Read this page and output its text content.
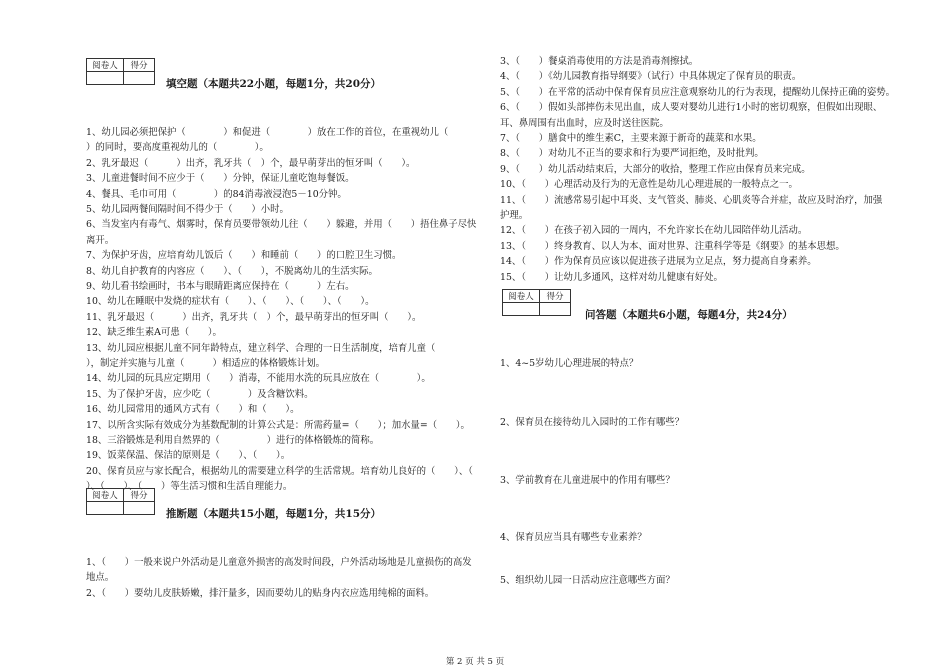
阅卷人	得分

填空题（本题共22小题，每题1分，共20分）
1、幼儿园必须把保护（　　　　）和促进（　　　　）放在工作的首位，在重视幼儿（
）的同时，要高度重视幼儿的（　　　　）。
2、乳牙最迟（　　　）出齐，乳牙共（　）个，最早萌芽出的恒牙叫（　　）。
3、儿童进餐时间不应少于（　　）分钟，保证儿童吃饱每餐饭。
4、餐具、毛巾可用（　　　　）的84消毒液浸泡5－10分钟。
5、幼儿园两餐间隔时间不得少于（　　）小时。
6、当发室内有毒气、烟雾时，保育员要带领幼儿往（　　）躲避，并用（　　）捂住鼻子尽快
离开。
7、为保护牙齿，应培育幼儿饭后（　　）和睡前（　　）的口腔卫生习惯。
8、幼儿自护教育的内容应（　　）、（　　），不脱离幼儿的生活实际。
9、幼儿看书绘画时，书本与眼睛距离应保持在（　　　）左右。
10、幼儿在睡眠中发烧的症状有（　　）、（　　）、（　　）、（　　）。
11、乳牙最迟（　　　）出齐，乳牙共（　）个，最早萌芽出的恒牙叫（　　）。
12、缺乏维生素A可患（　　）。
13、幼儿园应根据儿童不同年龄特点，建立科学、合理的一日生活制度，培育儿童（
），制定并实施与儿童（　　　）相适应的体格锻炼计划。
14、幼儿园的玩具应定期用（　　）消毒，不能用水洗的玩具应放在（　　　　）。
15、为了保护牙齿，应少吃（　　　　）及含糖饮料。
16、幼儿园常用的通风方式有（　　）和（　　）。
17、以所含实际有效成分为基数配制的计算公式是：所需药量=（　　）；加水量=（　　）。
18、三浴锻炼是利用自然界的（　　　　　）进行的体格锻炼的简称。
19、饭菜保温、保洁的原则是（　　）、（　　）。
20、保育员应与家长配合，根据幼儿的需要建立科学的生活常规。培育幼儿良好的（　　）、（
）、（　　）、（　　）等生活习惯和生活自理能力。
阅卷人	得分

推断题（本题共15小题，每题1分，共15分）
1、（　　）一般来说户外活动是儿童意外损害的高发时间段，户外活动场地是儿童损伤的高发
地点。
2、（　　）要幼儿皮肤娇嫩，排汗量多，因而要幼儿的贴身内衣应选用纯棉的面料。
3、（　　）餐桌消毒使用的方法是消毒剂擦拭。
4、（　　）《幼儿园教育指导纲要》（试行）中具体规定了保育员的职责。
5、（　　）在平常的活动中保育保育员应注意观察幼儿的行为表现，提醒幼儿保持正确的姿势。
6、（　　）假如头部摔伤未见出血，成人要对婴幼儿进行1小时的密切观察，但假如出现眼、
耳、鼻周围有出血时，应及时送往医院。
7、（　　）膳食中的维生素C，主要来源于新奇的蔬菜和水果。
8、（　　）对幼儿不正当的要求和行为要严词拒绝，及时批判。
9、（　　）幼儿活动结束后，大部分的收拾，整理工作应由保育员来完成。
10、（　　）心理活动及行为的无意性是幼儿心理进展的一般特点之一。
11、（　　）流感常易引起中耳炎、支气管炎、肺炎、心肌炎等合并症，故应及时治疗，加强
护理。
12、（　　）在孩子初入园的一周内，不允许家长在幼儿园陪伴幼儿活动。
13、（　　）终身教育、以人为本、面对世界、注重科学等是《纲要》的基本思想。
14、（　　）作为保育员应该以促进孩子进展为立足点，努力提高自身素养。
15、（　　）让幼儿多通风，这样对幼儿健康有好处。
阅卷人	得分

问答题（本题共6小题，每题4分，共24分）
1、4~5岁幼儿心理进展的特点？
2、保育员在接待幼儿入园时的工作有哪些？
3、学前教育在儿童进展中的作用有哪些？
4、保育员应当具有哪些专业素养？
5、组织幼儿园一日活动应注意哪些方面？
第 2 页 共 5 页
